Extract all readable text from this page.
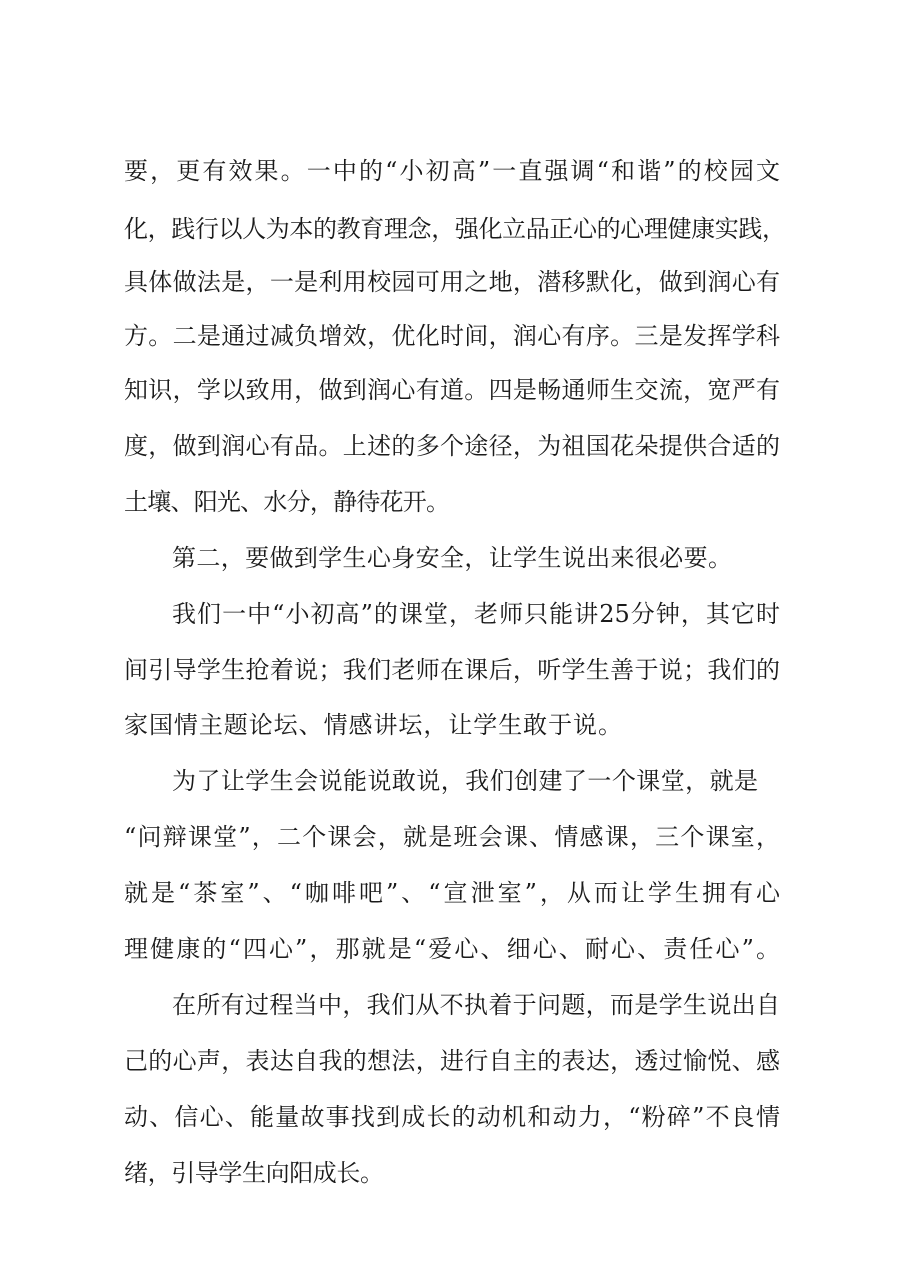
要，更有效果。一中的“小初高”一直强调“和谐”的校园文
化，践行以人为本的教育理念，强化立品正心的心理健康实践，
具体做法是，一是利用校园可用之地，潜移默化，做到润心有
方。二是通过减负增效，优化时间，润心有序。三是发挥学科
知识，学以致用，做到润心有道。四是畅通师生交流，宽严有
度，做到润心有品。上述的多个途径，为祖国花朵提供合适的
土壤、阳光、水分，静待花开。
第二，要做到学生心身安全，让学生说出来很必要。
我们一中“小初高”的课堂，老师只能讲25分钟，其它时
间引导学生抢着说；我们老师在课后，听学生善于说；我们的
家国情主题论坛、情感讲坛，让学生敢于说。
为了让学生会说能说敢说，我们创建了一个课堂，就是
“问辩课堂”，二个课会，就是班会课、情感课，三个课室，
就是“茶室”、“咖啡吧”、“宣泄室”，从而让学生拥有心
理健康的“四心”，那就是“爱心、细心、耐心、责任心”。
在所有过程当中，我们从不执着于问题，而是学生说出自
己的心声，表达自我的想法，进行自主的表达，透过愉悦、感
动、信心、能量故事找到成长的动机和动力，“粉碎”不良情
绪，引导学生向阳成长。
